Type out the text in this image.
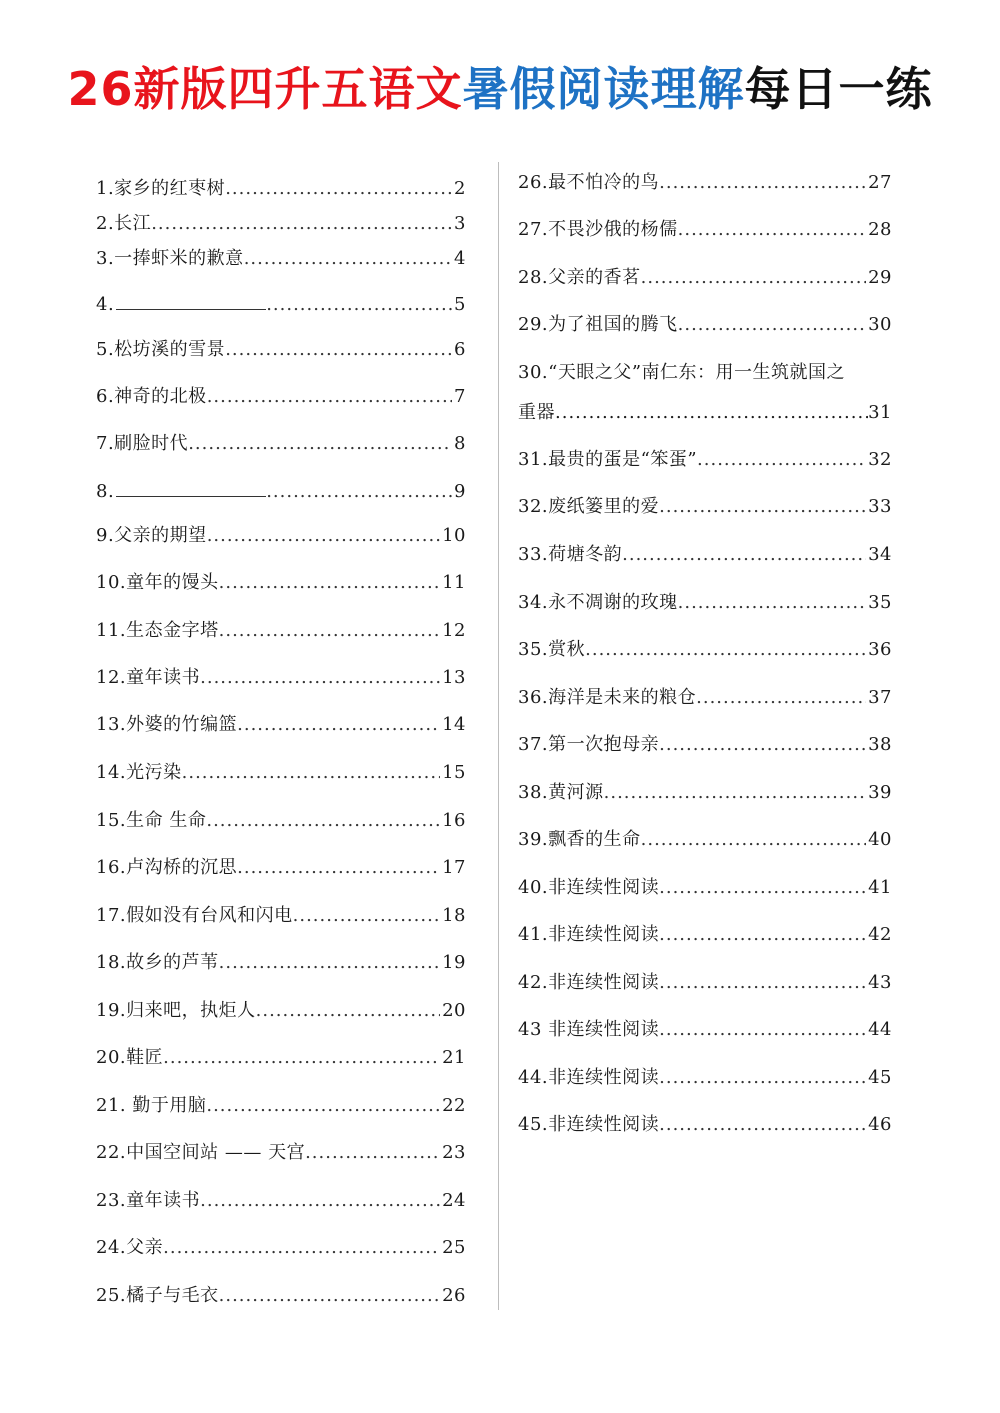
26新版四升五语文暑假阅读理解每日一练
1.家乡的红枣树 .....	2
2.长江 .....	3
3.一捧虾米的歉意 .....	4
4. .....	5
5.松坊溪的雪景 .....	6
6.神奇的北极 .....	7
7.刷脸时代 .....	8
8. .....	9
9.父亲的期望 .....	10
10.童年的馒头 .....	11
11.生态金字塔 .....	12
12.童年读书 .....	13
13.外婆的竹编篮 .....	14
14.光污染 .....	15
15.生命 生命 .....	16
16.卢沟桥的沉思 .....	17
17.假如没有台风和闪电 .....	18
18.故乡的芦苇 .....	19
19.归来吧，执炬人 .....	20
20.鞋匠 .....	21
21. 勤于用脑 .....	22
22.中国空间站 —— 天宫 .....	23
23.童年读书 .....	24
24.父亲 .....	25
25.橘子与毛衣 .....	26
26.最不怕冷的鸟 .....	27
27.不畏沙俄的杨儒 .....	28
28.父亲的香茗 .....	29
29.为了祖国的腾飞 .....	30
30.“天眼之父”南仁东：用一生筑就国之
重器 .....	31
31.最贵的蛋是“笨蛋” .....	32
32.废纸篓里的爱 .....	33
33.荷塘冬韵 .....	34
34.永不凋谢的玫瑰 .....	35
35.赏秋 .....	36
36.海洋是未来的粮仓 .....	37
37.第一次抱母亲 .....	38
38.黄河源 .....	39
39.飘香的生命 .....	40
40.非连续性阅读 .....	41
41.非连续性阅读 .....	42
42.非连续性阅读 .....	43
43 非连续性阅读 .....	44
44.非连续性阅读 .....	45
45.非连续性阅读 .....	46
